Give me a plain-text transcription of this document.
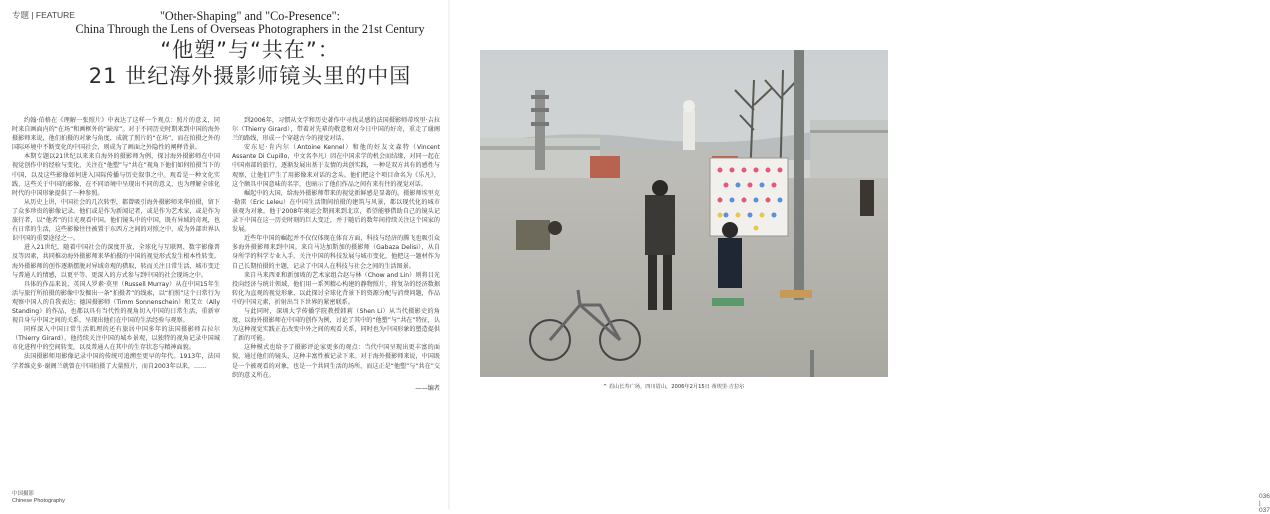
专题 | FEATURE	"Other-Shaping" and "Co-Presence":
China Through the Lens of Overseas Photographers in the 21st Century
“他塑”与“共在”：
21 世纪海外摄影师镜头里的中国

约翰·伯格在《理解一张照片》中表达了这样一个观点：照片的意义，同时来自画面内的“在场”和画框外的“缺席”。对于不同历史时期来到中国的海外摄影师来说，他们拍摄的对象与角度，成就了照片的“在场”，而在拍摄之外的国际环境中不断变化的中国社会，则成为了画面之外隐性的阐释背景。

本期专题以21世纪以来来自海外的摄影师为例，探讨海外摄影师在中国视觉创作中的经验与变化，关注在“他塑”与“共在”视角下他们如何拍摄当下的中国，以及这些影像如何进入国际传播与历史叙事之中。观看是一种文化实践，这些关于中国的影像，在不同语境中呈现出不同的意义，也为理解全球化时代的中国形象提供了一种参照。

从历史上讲，中国社会的几次转型，都曾吸引海外摄影师来华拍摄，留下了众多珍贵的影像记录。他们或是作为新闻记者，或是作为艺术家，或是作为旅行者，以“他者”的目光观看中国。他们镜头中的中国，既有异域的奇观，也有日常的生活，这些影像往往被置于东西方之间的对照之中，成为外部世界认识中国的重要途径之一。

进入21世纪，随着中国社会的深度开放，全球化与互联网、数字影像普及等因素，共同推动海外摄影师来华拍摄的中国的视觉形式发生根本性转变。海外摄影师的创作逐渐摆脱对异域奇观的猎取，转而关注日常生活、城市变迁与普通人的情感，以更平等、更深入的方式参与到中国的社会现场之中。

具体的作品来说，英国人罗素·莫里（Russell Murray）从在中国15年生活与旅行所拍摄的影像中发掘出一条“拍摄者”的线索，以“拍照”这个日常行为观察中国人的自我表达；德国摄影师（Timm Sonnenschein）和艾立（Ally Standing）的作品，也都以具有当代性的视角切入中国的日常生活，重新审视自身与中国之间的关系，呈现出他们在中国的生活经验与观察。

同样深入中国日常生活肌理的还有旅居中国多年的法国摄影师吉拉尔（Thierry Girard），他持续关注中国的城乡景观，以独特的视角记录中国城市化进程中的空间转变，以及普通人在其中的生存状态与精神面貌。

法国摄影师用影像记录中国的传统可追溯至更早的年代。1913年，法国学者维克多·谢阁兰就曾在中国拍摄了大量照片，而自2003年以来，……

到2006年，习惯从文学和历史著作中寻找灵感的法国摄影师蒂埃里·吉拉尔（Thierry Girard），带着对先辈的敬意和对今日中国的好奇，重走了谢阁兰的路线，形成一个穿越古今的视觉对话。

安东尼·肯内尔（Antoine Kennel）和他的好友文森特（Vincent Assante Di Cupillo，中文名李凡）因在中国求学的机会而结缘，对同一起在中国南部的旅行，逐渐发展出基于友情的共创实践，一种是双方共有的感性与观察，让他们产生了用影像来对话的念头。他们把这个项目命名为《乐凡》，这个颇具中国意味的名字，也暗示了他们作品之间有来有往的视觉对话。

崛起中的大国，给海外摄影师带来的视觉新鲜感是显著的。摄影师埃里克·勒雷（Eric Leleu）在中国生活期间拍摄的建筑与风景，都以现代化的城市景观为对象，他于2008年奥运会期间来到北京，希望能够借助自己的镜头记录下中国在这一历史时刻的巨大变迁，并于随后的数年间持续关注这个国家的发展。

近些年中国的崛起并不仅仅体现在体育方面，科技与经济的腾飞也吸引众多海外摄影师来到中国。来自马达加斯加的摄影师（Gabaza Delisi），从自身所学的科学专业入手，关注中国的科技发展与城市变化，他把这一题材作为自己长期拍摄的主题，记录了中国人在科技与社会之间的生活图景。

来自马来西亚和新加坡的艺术家组合赵与林（Chow and Lin）则将目光投向经济与统计领域，他们用一系列精心构建的静物照片，将复杂的经济数据转化为直观的视觉形象，以此探讨全球化背景下的资源分配与消费问题，作品中的中国元素，折射出当下世界的紧密联系。

与此同时，深圳大学传播学院教授韩莉（Shen Li）从当代摄影史的角度，以海外摄影师在中国的创作为例，讨论了其中的“他塑”与“共在”特征，认为这种视觉实践正在改变中外之间的观看关系，同时也为中国形象的塑造提供了新的可能。

这种模式也给予了摄影评论家更多的观点：当代中国呈现出更丰富的面貌，通过他们的镜头，这种丰富性被记录下来。对于海外摄影师来说，中国既是一个被观看的对象，也是一个共同生活的场所，而这正是“他塑”与“共在”交织的意义所在。

——编者
中国摄影
Chinese Photography
^ 眉山长寿广场，四川眉山，2006年2月15日 蒂埃里·吉拉尔
036 | 037
